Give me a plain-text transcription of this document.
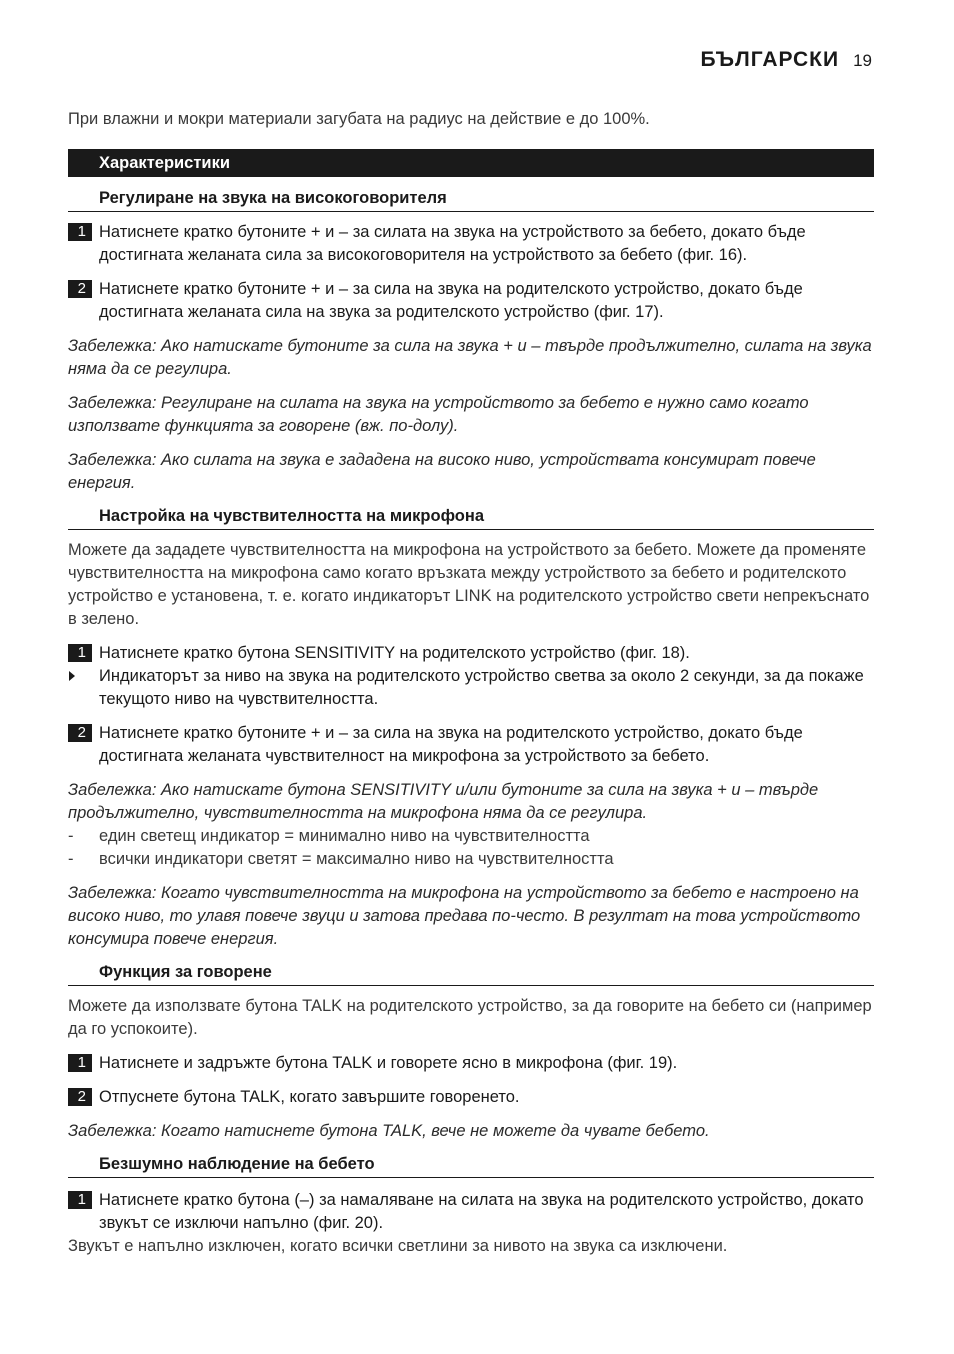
БЪЛГАРСКИ 19

При влажни и мокри материали загубата на радиус на действие е до 100%.

Характеристики
Регулиране на звука на високоговорителя
1 Натиснете кратко бутоните + и – за силата на звука на устройството за бебето, докато бъде достигната желаната сила за високоговорителя на устройството за бебето (фиг. 16).
2 Натиснете кратко бутоните + и – за сила на звука на родителското устройство, докато бъде достигната желаната сила на звука за родителското устройство (фиг. 17).

Забележка: Ако натискате бутоните за сила на звука + и – твърде продължително, силата на звука няма да се регулира.

Забележка: Регулиране на силата на звука на устройството за бебето е нужно само когато използвате функцията за говорене (вж. по-долу).

Забележка: Ако силата на звука е зададена на високо ниво, устройствата консумират повече енергия.

Настройка на чувствителността на микрофона

Можете да зададете чувствителността на микрофона на устройството за бебето. Можете да променяте чувствителността на микрофона само когато връзката между устройството за бебето и родителското устройство е установена, т. е. когато индикаторът LINK на родителското устройство свети непрекъснато в зелено.

1 Натиснете кратко бутона SENSITIVITY на родителското устройство (фиг. 18).
Индикаторът за ниво на звука на родителското устройство светва за около 2 секунди, за да покаже текущото ниво на чувствителността.
2 Натиснете кратко бутоните + и – за сила на звука на родителското устройство, докато бъде достигната желаната чувствителност на микрофона за устройството за бебето.

Забележка: Ако натискате бутона SENSITIVITY и/или бутоните за сила на звука + и – твърде продължително, чувствителността на микрофона няма да се регулира.

-	един светещ индикатор = минимално ниво на чувствителността
-	всички индикатори светят = максимално ниво на чувствителността

Забележка: Когато чувствителността на микрофона на устройството за бебето е настроено на високо ниво, то улавя повече звуци и затова предава по-често. В резултат на това устройството консумира повече енергия.

Функция за говорене

Можете да използвате бутона TALK на родителското устройство, за да говорите на бебето си (например да го успокоите).

1 Натиснете и задръжте бутона TALK и говорете ясно в микрофона (фиг. 19).
2 Отпуснете бутона TALK, когато завършите говоренето.

Забележка: Когато натиснете бутона TALK, вече не можете да чувате бебето.

Безшумно наблюдение на бебето
1 Натиснете кратко бутона (–) за намаляване на силата на звука на родителското устройство, докато звукът се изключи напълно (фиг. 20).

Звукът е напълно изключен, когато всички светлини за нивото на звука са изключени.
